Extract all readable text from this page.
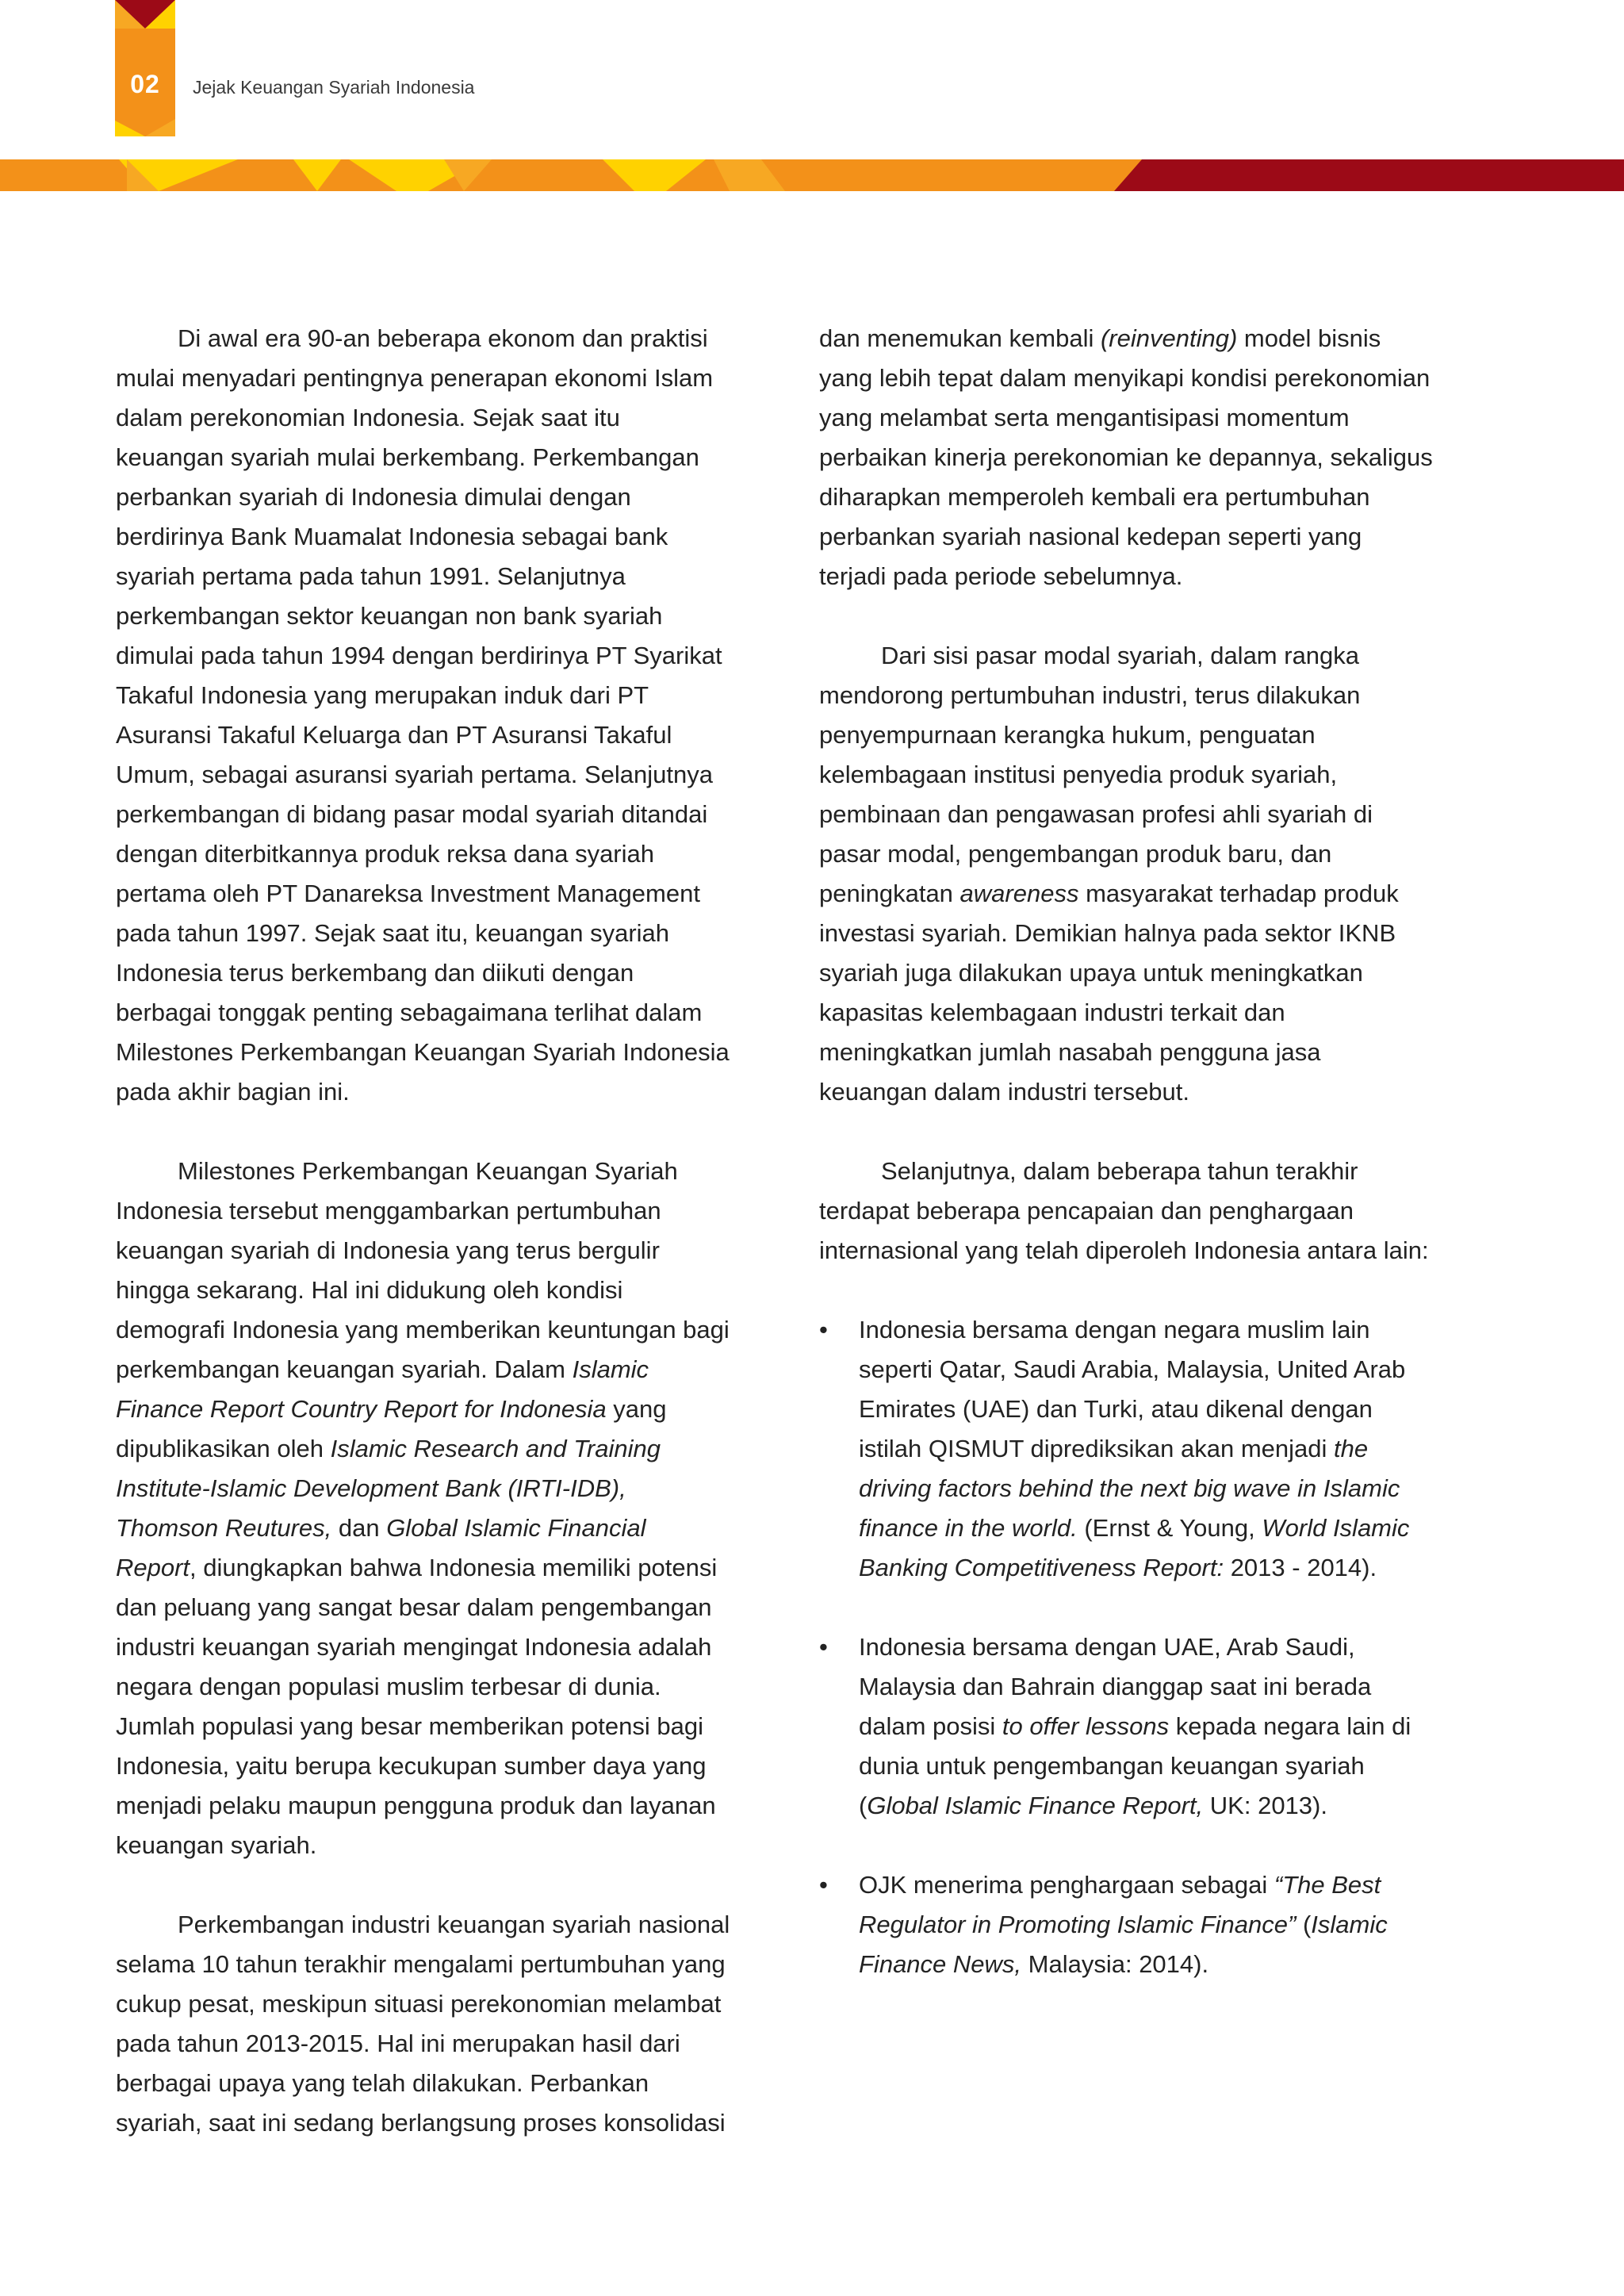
02	Jejak Keuangan Syariah Indonesia

Di awal era 90-an beberapa ekonom dan praktisi mulai menyadari pentingnya penerapan ekonomi Islam dalam perekonomian Indonesia. Sejak saat itu keuangan syariah mulai berkembang. Perkembangan perbankan syariah di Indonesia dimulai dengan berdirinya Bank Muamalat Indonesia sebagai bank syariah pertama pada tahun 1991. Selanjutnya perkembangan sektor keuangan non bank syariah dimulai pada tahun 1994 dengan berdirinya PT Syarikat Takaful Indonesia yang merupakan induk dari PT Asuransi Takaful Keluarga dan PT Asuransi Takaful Umum, sebagai asuransi syariah pertama. Selanjutnya perkembangan di bidang pasar modal syariah ditandai dengan diterbitkannya produk reksa dana syariah pertama oleh PT Danareksa Investment Management pada tahun 1997. Sejak saat itu, keuangan syariah Indonesia terus berkembang dan diikuti dengan berbagai tonggak penting sebagaimana terlihat dalam Milestones Perkembangan Keuangan Syariah Indonesia pada akhir bagian ini.

Milestones Perkembangan Keuangan Syariah Indonesia tersebut menggambarkan pertumbuhan keuangan syariah di Indonesia yang terus bergulir hingga sekarang. Hal ini didukung oleh kondisi demografi Indonesia yang memberikan keuntungan bagi perkembangan keuangan syariah. Dalam Islamic Finance Report Country Report for Indonesia yang dipublikasikan oleh Islamic Research and Training Institute-Islamic Development Bank (IRTI-IDB), Thomson Reutures, dan Global Islamic Financial Report, diungkapkan bahwa Indonesia memiliki potensi dan peluang yang sangat besar dalam pengembangan industri keuangan syariah mengingat Indonesia adalah negara dengan populasi muslim terbesar di dunia. Jumlah populasi yang besar memberikan potensi bagi Indonesia, yaitu berupa kecukupan sumber daya yang menjadi pelaku maupun pengguna produk dan layanan keuangan syariah.

Perkembangan industri keuangan syariah nasional selama 10 tahun terakhir mengalami pertumbuhan yang cukup pesat, meskipun situasi perekonomian melambat pada tahun 2013-2015. Hal ini merupakan hasil dari berbagai upaya yang telah dilakukan. Perbankan syariah, saat ini sedang berlangsung proses konsolidasi

dan menemukan kembali (reinventing) model bisnis yang lebih tepat dalam menyikapi kondisi perekonomian yang melambat serta mengantisipasi momentum perbaikan kinerja perekonomian ke depannya, sekaligus diharapkan memperoleh kembali era pertumbuhan perbankan syariah nasional kedepan seperti yang terjadi pada periode sebelumnya.

Dari sisi pasar modal syariah, dalam rangka mendorong pertumbuhan industri, terus dilakukan penyempurnaan kerangka hukum, penguatan kelembagaan institusi penyedia produk syariah, pembinaan dan pengawasan profesi ahli syariah di pasar modal, pengembangan produk baru, dan peningkatan awareness masyarakat terhadap produk investasi syariah. Demikian halnya pada sektor IKNB syariah juga dilakukan upaya untuk meningkatkan kapasitas kelembagaan industri terkait dan meningkatkan jumlah nasabah pengguna jasa keuangan dalam industri tersebut.

Selanjutnya, dalam beberapa tahun terakhir terdapat beberapa pencapaian dan penghargaan internasional yang telah diperoleh Indonesia antara lain:

•	Indonesia bersama dengan negara muslim lain seperti Qatar, Saudi Arabia, Malaysia, United Arab Emirates (UAE) dan Turki, atau dikenal dengan istilah QISMUT diprediksikan akan menjadi the driving factors behind the next big wave in Islamic finance in the world. (Ernst & Young, World Islamic Banking Competitiveness Report: 2013 - 2014).
•	Indonesia bersama dengan UAE, Arab Saudi, Malaysia dan Bahrain dianggap saat ini berada dalam posisi to offer lessons kepada negara lain di dunia untuk pengembangan keuangan syariah (Global Islamic Finance Report, UK: 2013).
•	OJK menerima penghargaan sebagai “The Best Regulator in Promoting Islamic Finance” (Islamic Finance News, Malaysia: 2014).
